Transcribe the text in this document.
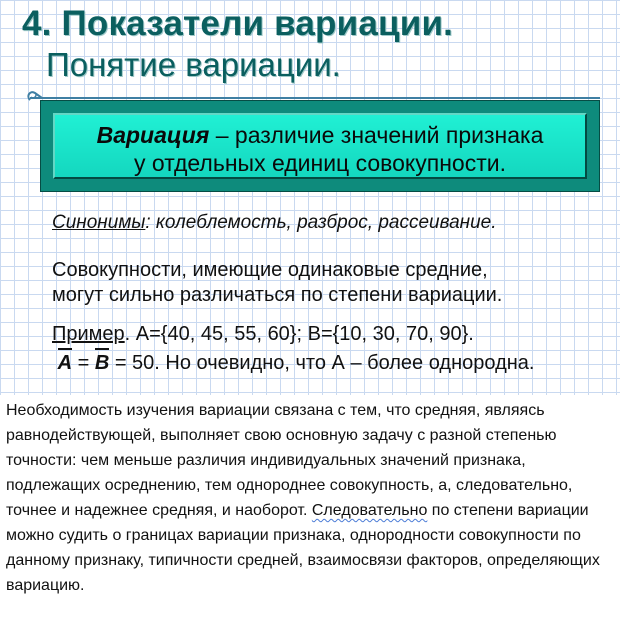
4. Показатели вариации.
Понятие вариации.

Вариация – различие значений признака
у отдельных единиц совокупности.

Синонимы: колеблемость, разброс, рассеивание.

Совокупности, имеющие одинаковые средние,
могут сильно различаться по степени вариации.

Пример. A={40, 45, 55, 60}; B={10, 30, 70, 90}.
A = B = 50. Но очевидно, что А – более однородна.

Необходимость изучения вариации связана с тем, что средняя, являясь равнодействующей, выполняет свою основную задачу с разной степенью точности: чем меньше различия индивидуальных значений признака, подлежащих осреднению, тем однороднее совокупность, а, следовательно, точнее и надежнее средняя, и наоборот. Следовательно по степени вариации можно судить о границах вариации признака, однородности совокупности по данному признаку, типичности средней, взаимосвязи факторов, определяющих вариацию.
